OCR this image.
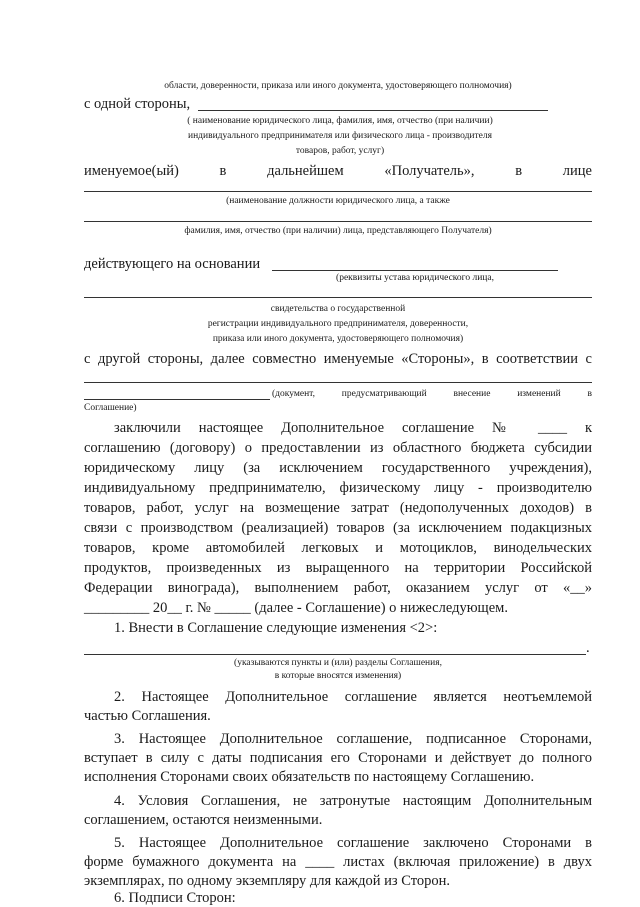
области, доверенности, приказа или иного документа, удостоверяющего полномочия)
с одной стороны,
( наименование юридического лица, фамилия, имя, отчество (при наличии)
индивидуального предпринимателя или физического лица - производителя
товаров, работ, услуг)
именуемое(ый)	в	дальнейшем	«Получатель»,	в	лице
(наименование должности юридического лица, а также
фамилия, имя, отчество (при наличии) лица, представляющего Получателя)
действующего на основании
(реквизиты устава юридического лица,
свидетельства о государственной
регистрации индивидуального предпринимателя, доверенности,
приказа или иного документа, удостоверяющего полномочия)
с другой стороны, далее совместно именуемые «Стороны», в соответствии с
(документ, предусматривающий внесение изменений в
Соглашение)
заключили настоящее Дополнительное соглашение № ____ к
соглашению (договору) о предоставлении из областного бюджета субсидии
юридическому лицу (за исключением государственного учреждения),
индивидуальному предпринимателю, физическому лицу - производителю
товаров, работ, услуг на возмещение затрат (недополученных доходов) в
связи с производством (реализацией) товаров (за исключением подакцизных
товаров, кроме автомобилей легковых и мотоциклов, винодельческих
продуктов, произведенных из выращенного на территории Российской
Федерации винограда), выполнением работ, оказанием услуг от «__»
_________ 20__ г. № _____ (далее - Соглашение) о нижеследующем.
1. Внести в Соглашение следующие изменения <2>:
.
(указываются пункты и (или) разделы Соглашения,
в которые вносятся изменения)
2. Настоящее Дополнительное соглашение является неотъемлемой
частью Соглашения.
3. Настоящее Дополнительное соглашение, подписанное Сторонами,
вступает в силу с даты подписания его Сторонами и действует до полного
исполнения Сторонами своих обязательств по настоящему Соглашению.
4. Условия Соглашения, не затронутые настоящим Дополнительным
соглашением, остаются неизменными.
5. Настоящее Дополнительное соглашение заключено Сторонами в
форме бумажного документа на ____ листах (включая приложение) в двух
экземплярах, по одному экземпляру для каждой из Сторон.
6. Подписи Сторон:
